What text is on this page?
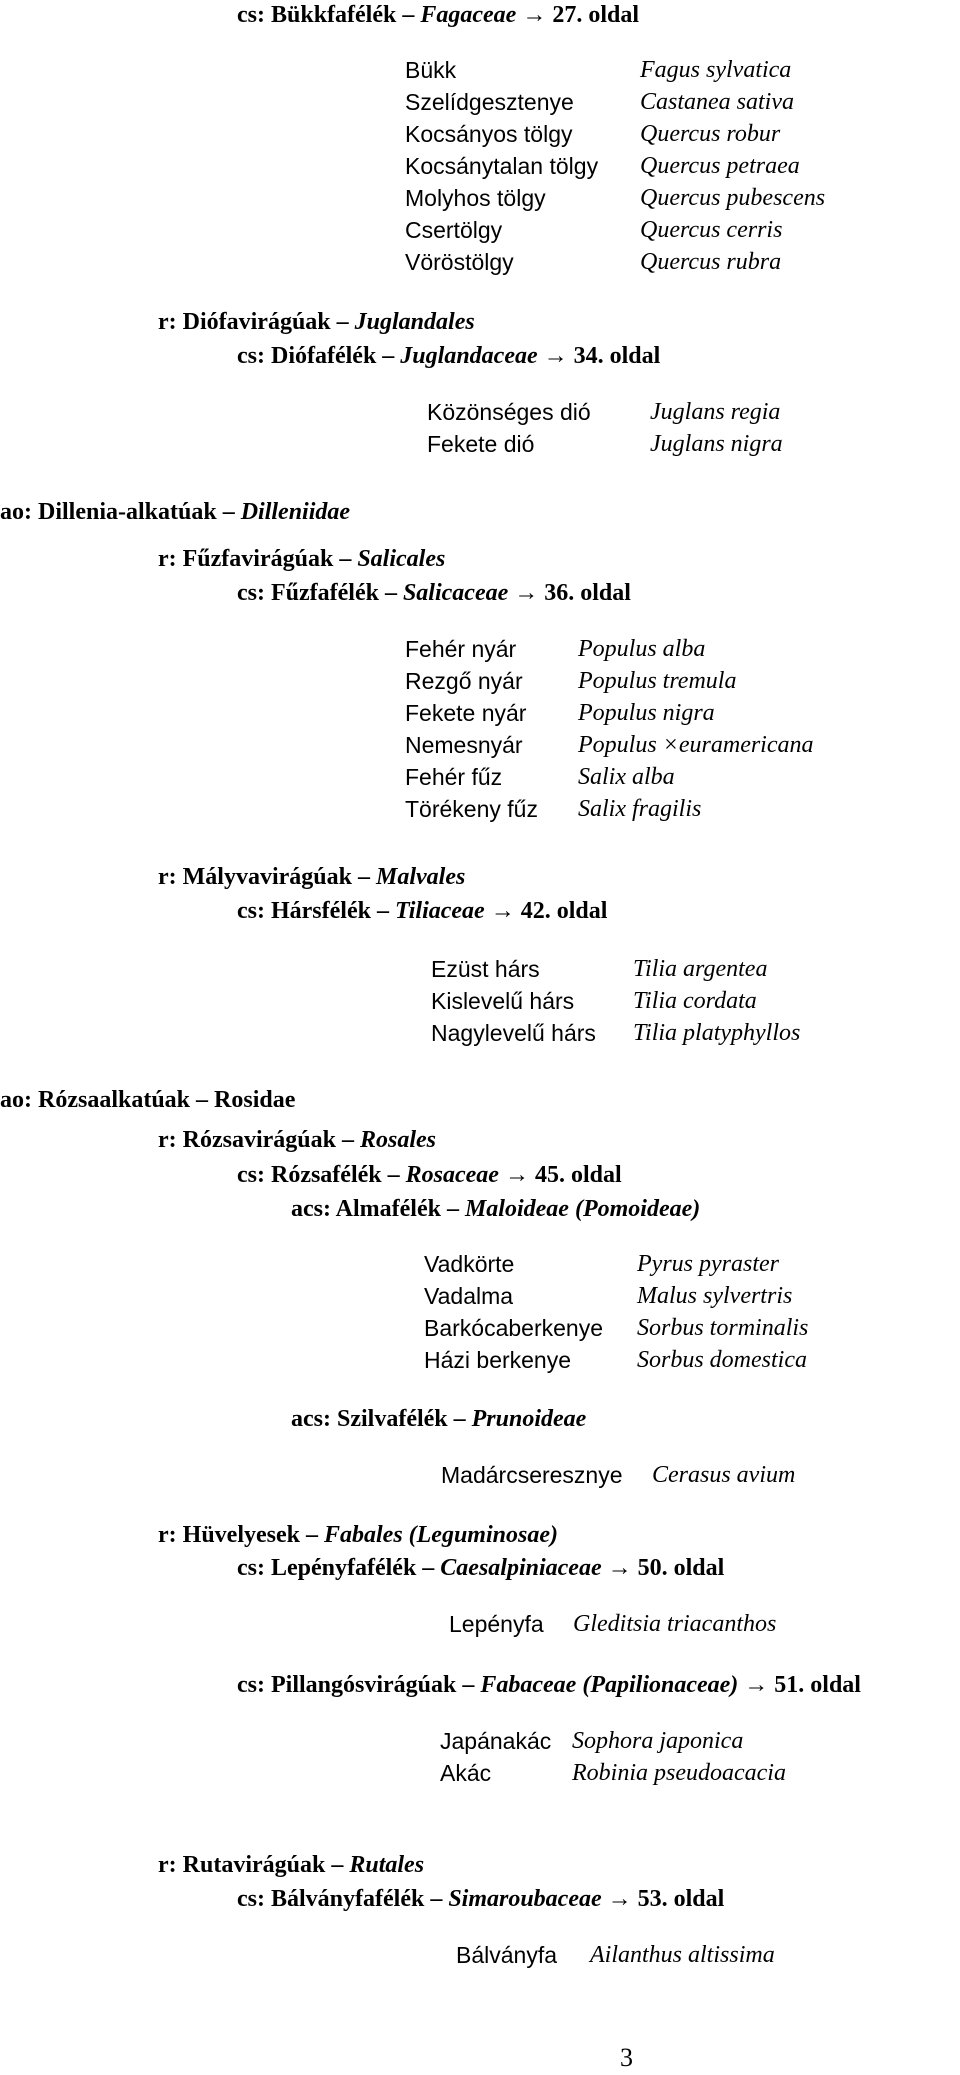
cs: Bükkfafélék – Fagaceae → 27. oldal
Bükk	Fagus sylvatica
Szelídgesztenye	Castanea sativa
Kocsányos tölgy	Quercus robur
Kocsánytalan tölgy	Quercus petraea
Molyhos tölgy	Quercus pubescens
Csertölgy	Quercus cerris
Vöröstölgy	Quercus rubra
r: Diófavirágúak – Juglandales
cs: Diófafélék – Juglandaceae → 34. oldal
Közönséges dió	Juglans regia
Fekete dió	Juglans nigra
ao: Dillenia-alkatúak – Dilleniidae
r: Fűzfavirágúak – Salicales
cs: Fűzfafélék – Salicaceae → 36. oldal
Fehér nyár	Populus alba
Rezgő nyár	Populus tremula
Fekete nyár	Populus nigra
Nemesnyár	Populus ×euramericana
Fehér fűz	Salix alba
Törékeny fűz	Salix fragilis
r: Mályvavirágúak – Malvales
cs: Hársfélék – Tiliaceae → 42. oldal
Ezüst hárs	Tilia argentea
Kislevelű hárs	Tilia cordata
Nagylevelű hárs	Tilia platyphyllos
ao: Rózsaalkatúak – Rosidae
r: Rózsavirágúak – Rosales
cs: Rózsafélék – Rosaceae → 45. oldal
acs: Almafélék – Maloideae (Pomoideae)
Vadkörte	Pyrus pyraster
Vadalma	Malus sylvertris
Barkócaberkenye	Sorbus torminalis
Házi berkenye	Sorbus domestica
acs: Szilvafélék – Prunoideae
Madárcseresznye	Cerasus avium
r: Hüvelyesek – Fabales (Leguminosae)
cs: Lepényfafélék – Caesalpiniaceae → 50. oldal
Lepényfa	Gleditsia triacanthos
cs: Pillangósvirágúak – Fabaceae (Papilionaceae) → 51. oldal
Japánakác Sophora japonica
Akác	Robinia pseudoacacia
r: Rutavirágúak – Rutales
cs: Bálványfafélék – Simaroubaceae → 53. oldal
Bálványfa	Ailanthus altissima
3
